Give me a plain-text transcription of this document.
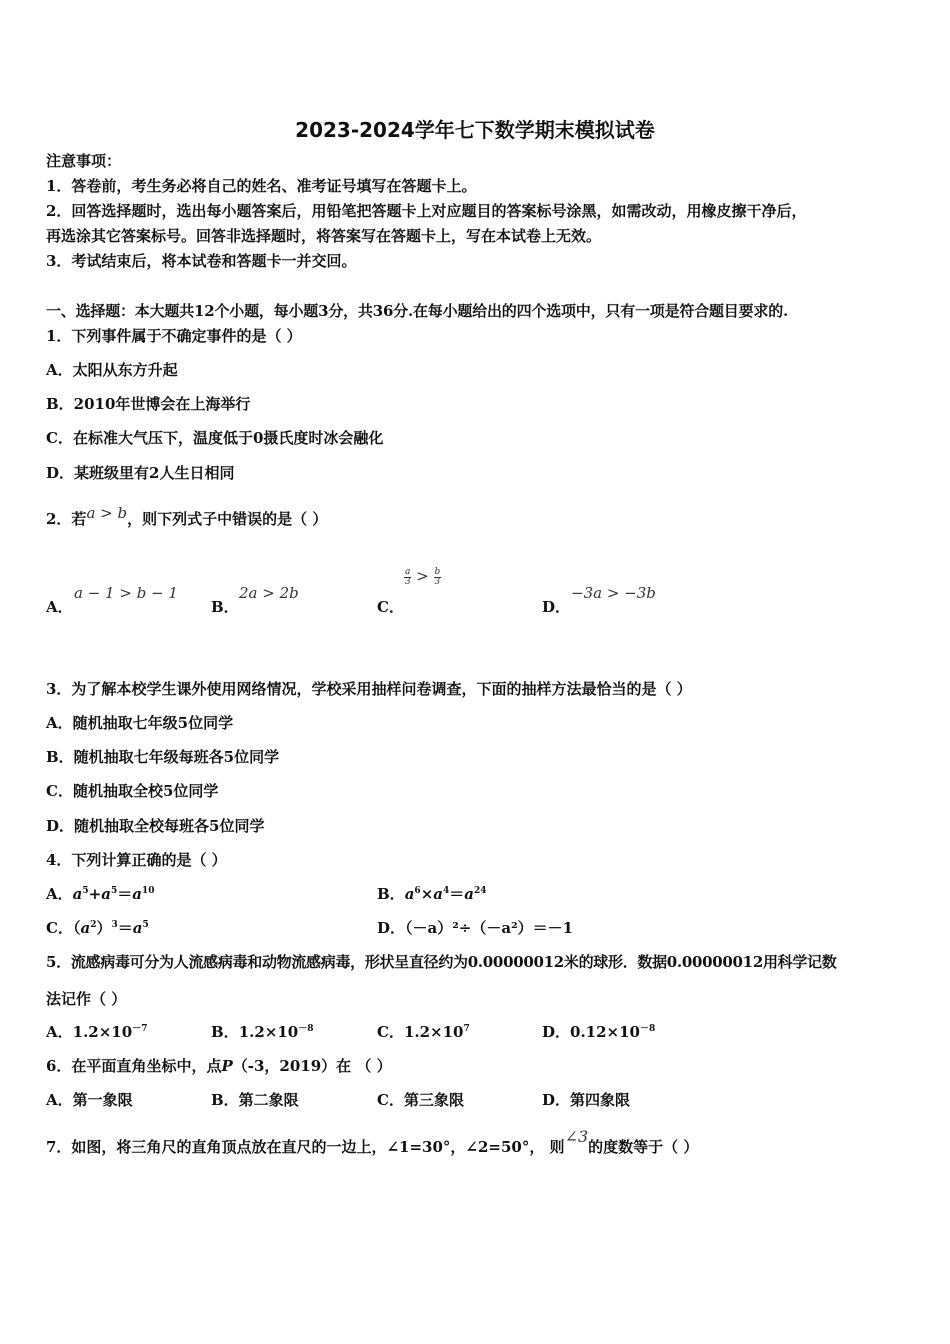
2023-2024学年七下数学期末模拟试卷
注意事项：
1．答卷前，考生务必将自己的姓名、准考证号填写在答题卡上。
2．回答选择题时，选出每小题答案后，用铅笔把答题卡上对应题目的答案标号涂黑，如需改动，用橡皮擦干净后，
再选涂其它答案标号。回答非选择题时，将答案写在答题卡上，写在本试卷上无效。
3．考试结束后，将本试卷和答题卡一并交回。
一、选择题：本大题共12个小题，每小题3分，共36分.在每小题给出的四个选项中，只有一项是符合题目要求的.
1．下列事件属于不确定事件的是（ ）
A．太阳从东方升起
B．2010年世博会在上海举行
C．在标准大气压下，温度低于0摄氏度时冰会融化
D．某班级里有2人生日相同
2．若a > b，则下列式子中错误的是（ ）
A．
a − 1 > b − 1
B．
2a > 2b
C．
$\frac{a}{3} > \frac{b}{3}$
D．
−3a > −3b
3．为了解本校学生课外使用网络情况，学校采用抽样问卷调查，下面的抽样方法最恰当的是（ ）
A．随机抽取七年级5位同学
B．随机抽取七年级每班各5位同学
C．随机抽取全校5位同学
D．随机抽取全校每班各5位同学
4．下列计算正确的是（ ）
A．$a^5+a^5=a^{10}$	B．$a^6\times a^4=a^{24}$
C．$(a^2)^3=a^5$	D．（－a）²÷（－a²）＝－1
5．流感病毒可分为人流感病毒和动物流感病毒，形状呈直径约为0.00000012米的球形．数据0.00000012用科学记数
法记作（ ）
A．$1.2\times 10^{-7}$	B．$1.2\times 10^{-8}$	C．$1.2\times 10^7$	D．$0.12\times 10^{-8}$
6．在平面直角坐标中，点P（-3，2019）在 （ ）
A．第一象限	B．第二象限	C．第三象限	D．第四象限
7．如图，将三角尺的直角顶点放在直尺的一边上，∠1=30°，∠2=50°， 则∠3的度数等于（ ）
